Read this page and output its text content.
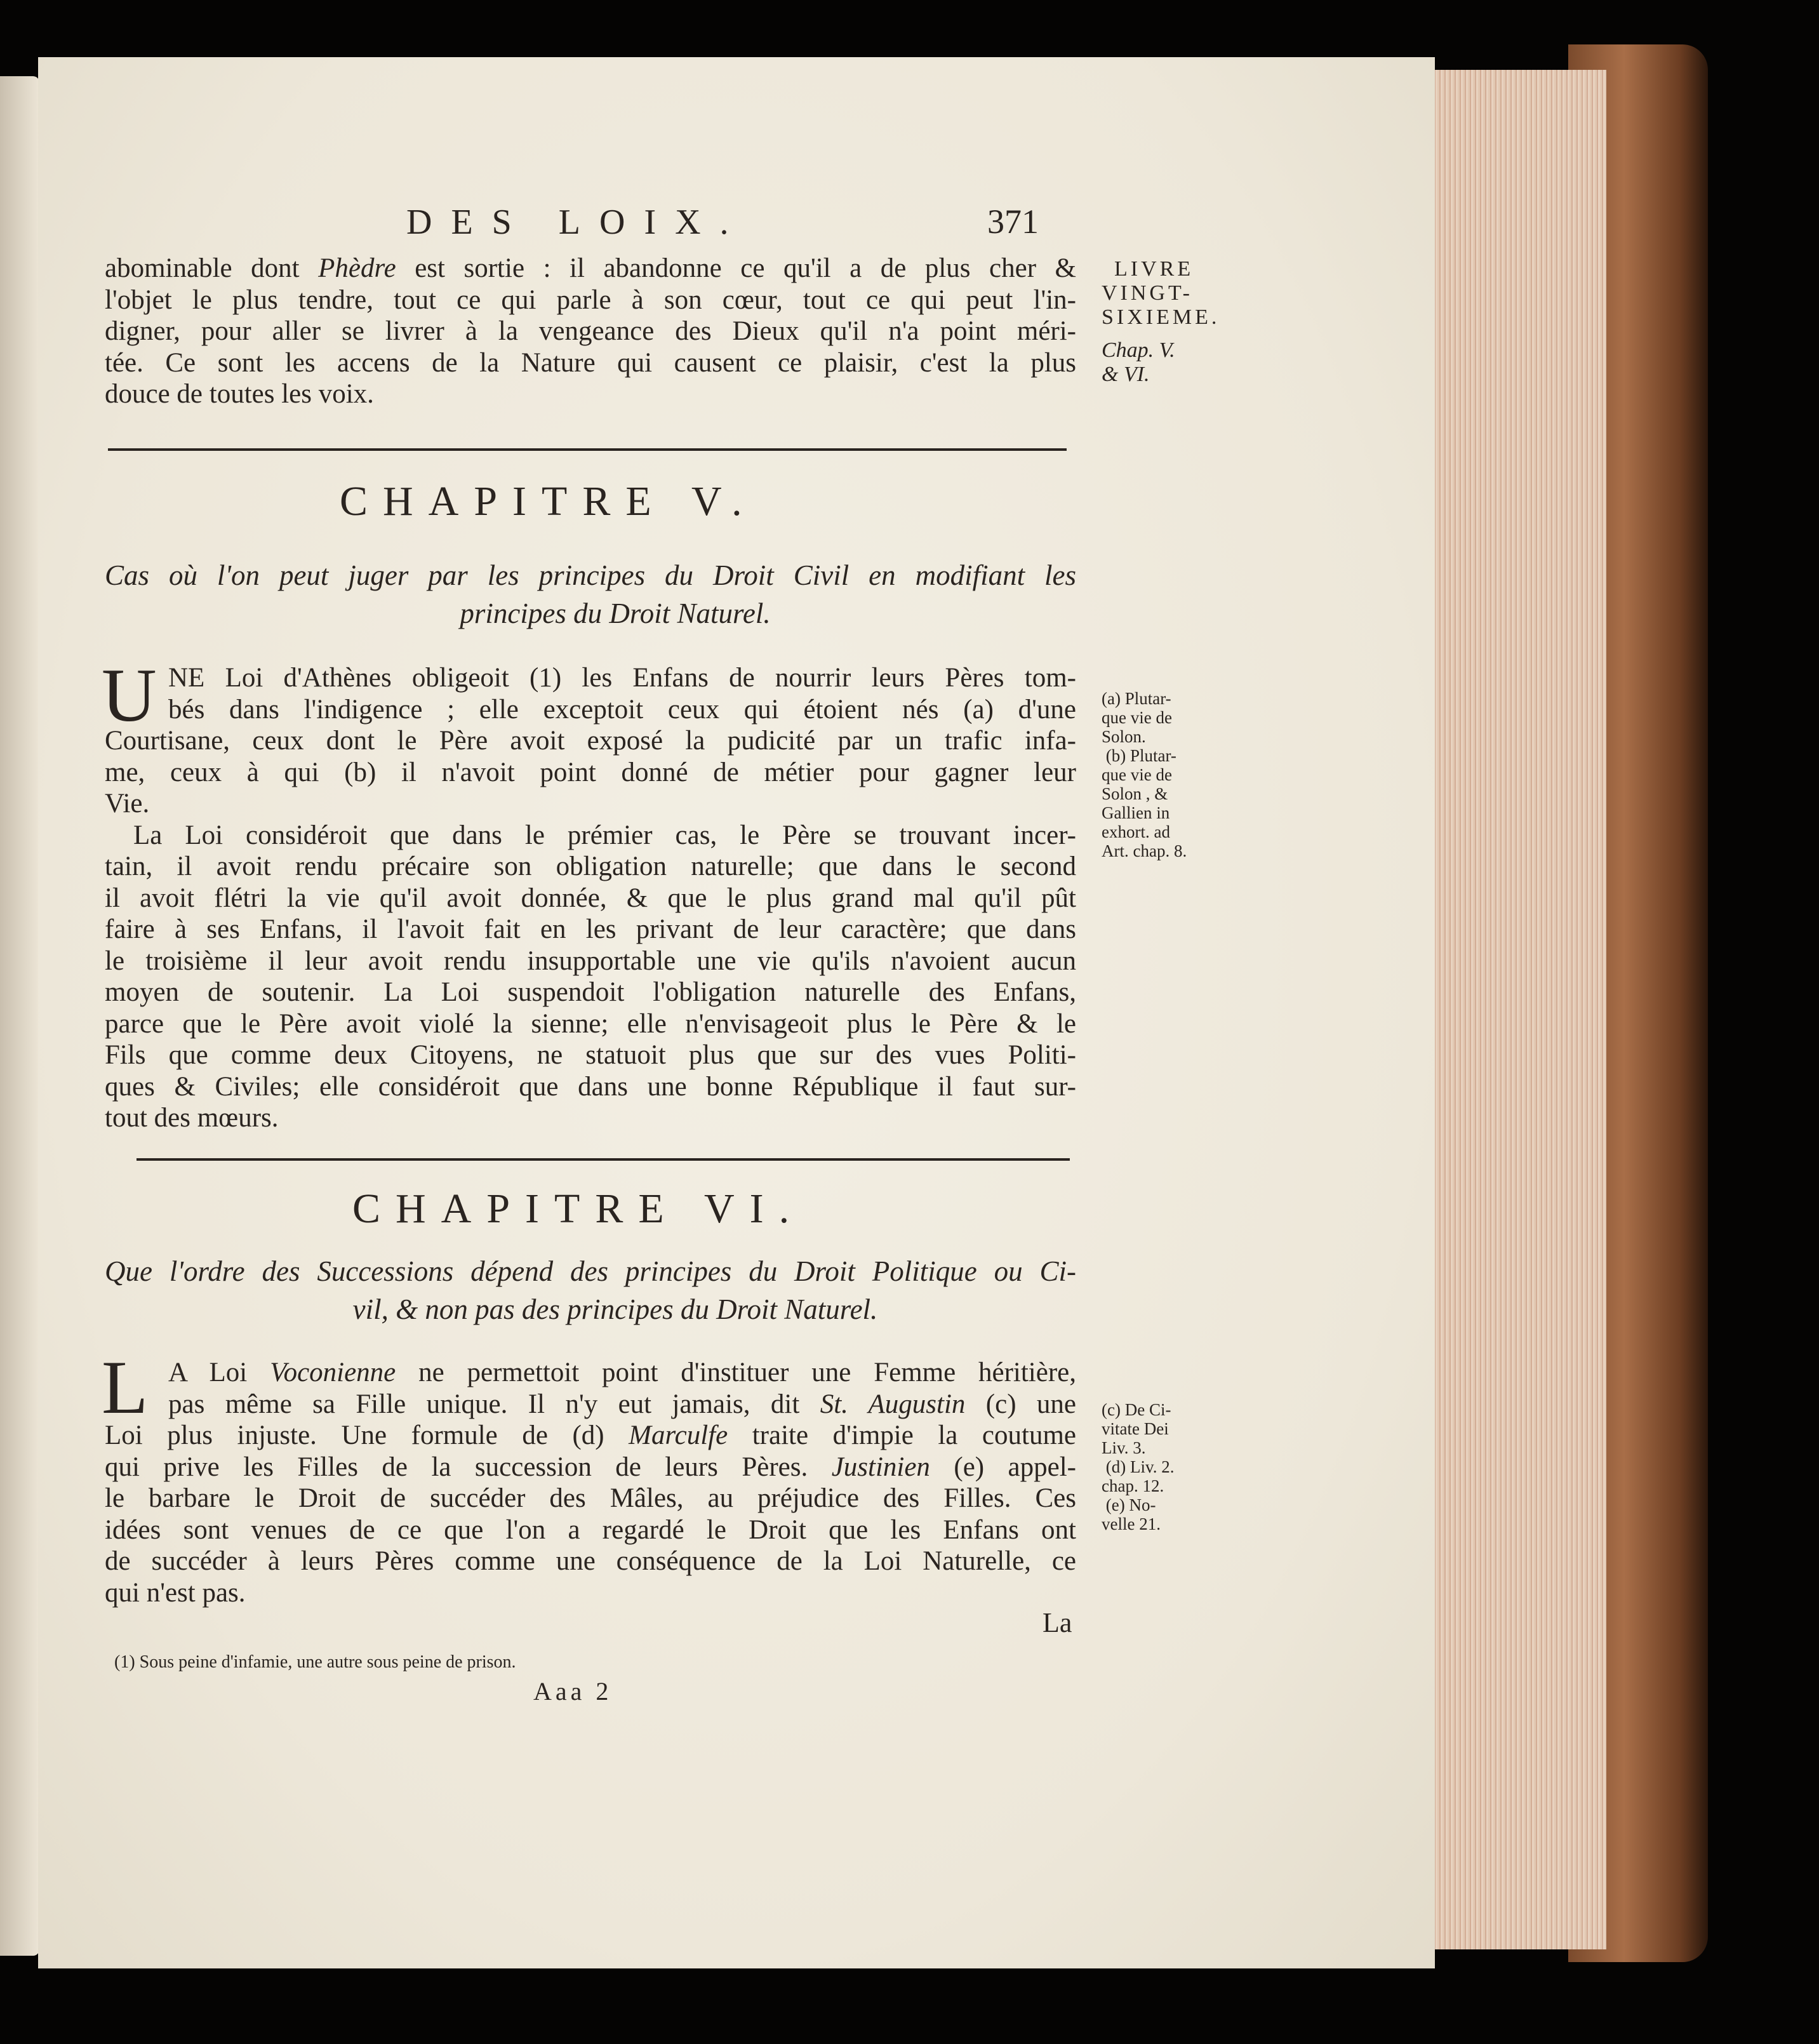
DES LOIX.	371
LIVRE
VINGT-
SIXIEME.
Chap. V.
& VI.
abominable dont Phèdre est sortie : il abandonne ce qu'il a de plus cher &
l'objet le plus tendre, tout ce qui parle à son cœur, tout ce qui peut l'in-
digner, pour aller se livrer à la vengeance des Dieux qu'il n'a point méri-
tée. Ce sont les accens de la Nature qui causent ce plaisir, c'est la plus
douce de toutes les voix.
CHAPITRE V.
Cas où l'on peut juger par les principes du Droit Civil en modifiant les
principes du Droit Naturel.
U NE Loi d'Athènes obligeoit (1) les Enfans de nourrir leurs Pères tom-
bés dans l'indigence ; elle exceptoit ceux qui étoient nés (a) d'une
Courtisane, ceux dont le Père avoit exposé la pudicité par un trafic infa-
me, ceux à qui (b) il n'avoit point donné de métier pour gagner leur
Vie.
La Loi considéroit que dans le prémier cas, le Père se trouvant incer-
tain, il avoit rendu précaire son obligation naturelle; que dans le second
il avoit flétri la vie qu'il avoit donnée, & que le plus grand mal qu'il pût
faire à ses Enfans, il l'avoit fait en les privant de leur caractère; que dans
le troisième il leur avoit rendu insupportable une vie qu'ils n'avoient aucun
moyen de soutenir. La Loi suspendoit l'obligation naturelle des Enfans,
parce que le Père avoit violé la sienne; elle n'envisageoit plus le Père & le
Fils que comme deux Citoyens, ne statuoit plus que sur des vues Politi-
ques & Civiles; elle considéroit que dans une bonne République il faut sur-
tout des mœurs.
(a) Plutar-
que vie de
Solon.
(b) Plutar-
que vie de
Solon , &
Gallien in
exhort. ad
Art. chap. 8.
CHAPITRE VI.
Que l'ordre des Successions dépend des principes du Droit Politique ou Ci-
vil, & non pas des principes du Droit Naturel.
L A Loi Voconienne ne permettoit point d'instituer une Femme héritière,
pas même sa Fille unique. Il n'y eut jamais, dit St. Augustin (c) une
Loi plus injuste. Une formule de (d) Marculfe traite d'impie la coutume
qui prive les Filles de la succession de leurs Pères. Justinien (e) appel-
le barbare le Droit de succéder des Mâles, au préjudice des Filles. Ces
idées sont venues de ce que l'on a regardé le Droit que les Enfans ont
de succéder à leurs Pères comme une conséquence de la Loi Naturelle, ce
qui n'est pas.
(c) De Ci-
vitate Dei
Liv. 3.
(d) Liv. 2.
chap. 12.
(e) No-
velle 21.
La
(1) Sous peine d'infamie, une autre sous peine de prison.
Aaa 2
